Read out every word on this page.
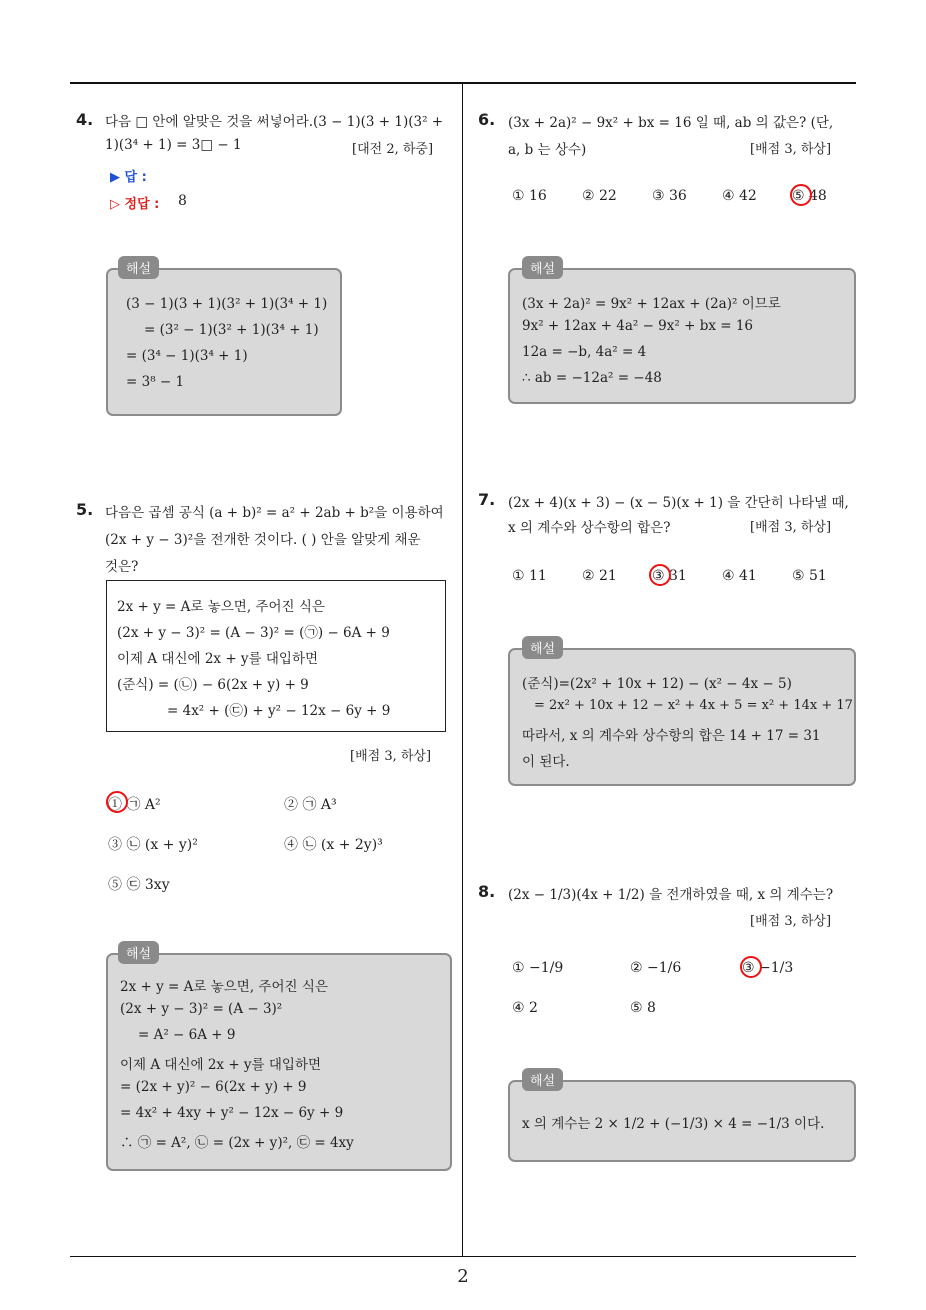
2
4. 다음 □ 안에 알맞은 것을 써넣어라.(3 − 1)(3 + 1)(3² +
1)(3⁴ + 1) = 3□ − 1	[대전 2, 하중]
▶ 답 :
▷ 정답 : 8
(3 − 1)(3 + 1)(3² + 1)(3⁴ + 1)
= (3² − 1)(3² + 1)(3⁴ + 1)
= (3⁴ − 1)(3⁴ + 1)
= 3⁸ − 1
해설
5. 다음은 곱셈 공식 (a + b)² = a² + 2ab + b²을 이용하여
(2x + y − 3)²을 전개한 것이다. ( ) 안을 알맞게 채운
것은?
2x + y = A로 놓으면, 주어진 식은
(2x + y − 3)² = (A − 3)² = (㉠) − 6A + 9
이제 A 대신에 2x + y를 대입하면
(준식) = (㉡) − 6(2x + y) + 9
= 4x² + (㉢) + y² − 12x − 6y + 9
[배점 3, 하상]
① ㉠ A²	② ㉠ A³
③ ㉡ (x + y)²	④ ㉡ (x + 2y)³
⑤ ㉢ 3xy
2x + y = A로 놓으면, 주어진 식은
(2x + y − 3)² = (A − 3)²
= A² − 6A + 9
이제 A 대신에 2x + y를 대입하면
= (2x + y)² − 6(2x + y) + 9
= 4x² + 4xy + y² − 12x − 6y + 9
∴ ㉠ = A², ㉡ = (2x + y)², ㉢ = 4xy
해설
6. (3x + 2a)² − 9x² + bx = 16 일 때, ab 의 값은? (단,
a, b 는 상수)	[배점 3, 하상]
① 16	② 22	③ 36	④ 42	⑤ 48
(3x + 2a)² = 9x² + 12ax + (2a)² 이므로
9x² + 12ax + 4a² − 9x² + bx = 16
12a = −b, 4a² = 4
∴ ab = −12a² = −48
해설
7. (2x + 4)(x + 3) − (x − 5)(x + 1) 을 간단히 나타낼 때,
x 의 계수와 상수항의 합은?	[배점 3, 하상]
① 11	② 21	③ 31	④ 41	⑤ 51
(준식)=(2x² + 10x + 12) − (x² − 4x − 5)
= 2x² + 10x + 12 − x² + 4x + 5 = x² + 14x + 17
따라서, x 의 계수와 상수항의 합은 14 + 17 = 31
이 된다.
해설
8. (2x − 1/3)(4x + 1/2) 을 전개하였을 때, x 의 계수는?
[배점 3, 하상]
① −1/9	② −1/6	③ −1/3
④ 2	⑤ 8
x 의 계수는 2 × 1/2 + (−1/3) × 4 = −1/3 이다.
해설
